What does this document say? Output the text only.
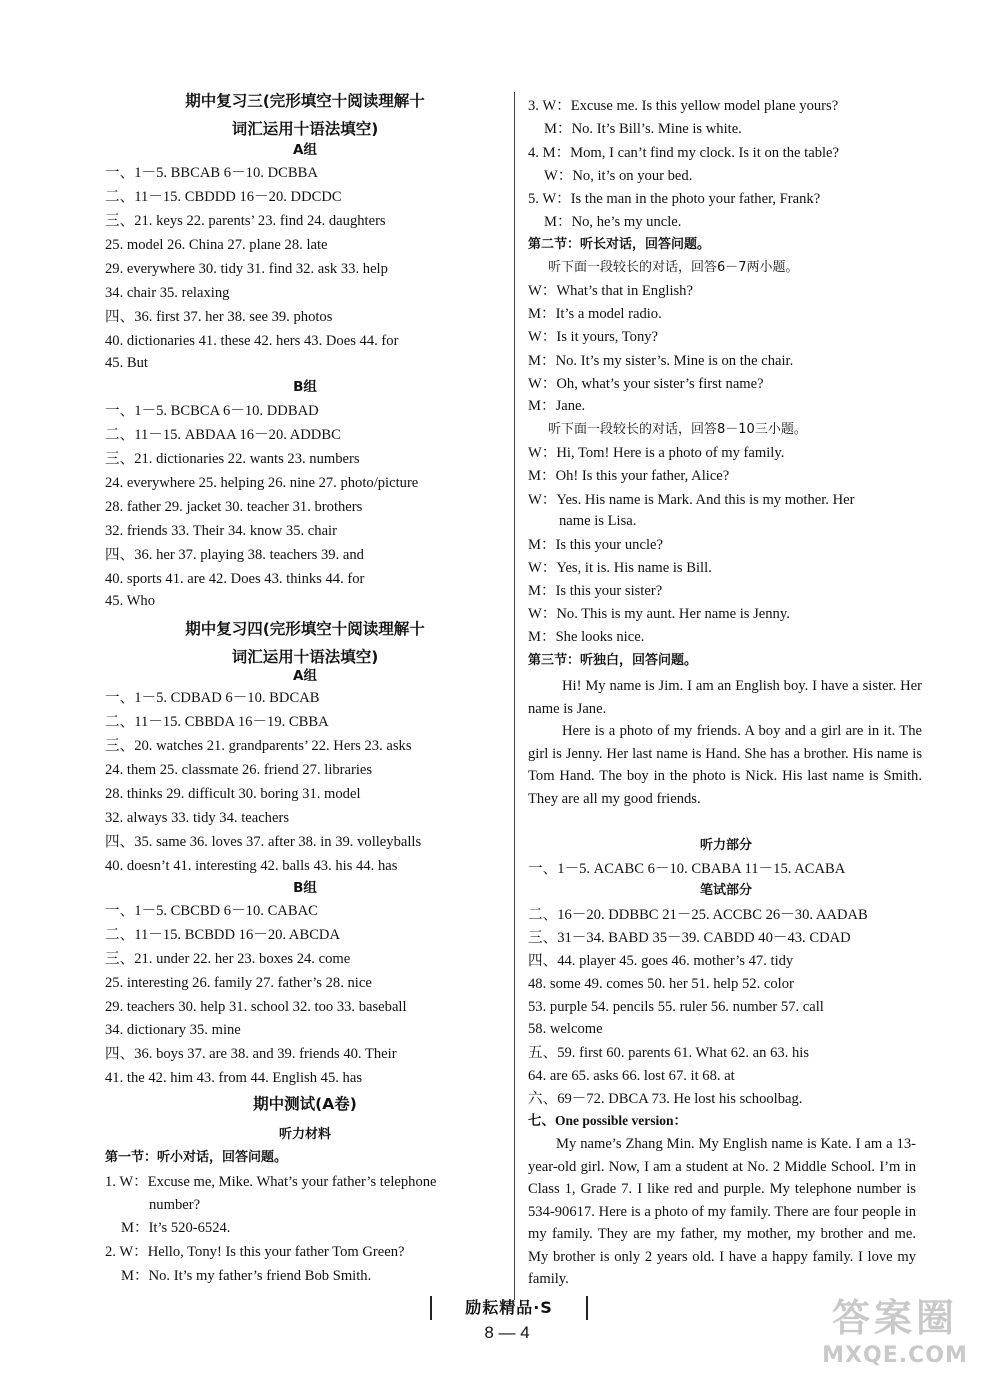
期中复习三(完形填空十阅读理解十
词汇运用十语法填空)
A组
一、1－5. BBCAB 6－10. DCBBA
二、11－15. CBDDD 16－20. DDCDC
三、21. keys 22. parents’ 23. find 24. daughters
25. model 26. China 27. plane 28. late
29. everywhere 30. tidy 31. find 32. ask 33. help
34. chair 35. relaxing
四、36. first 37. her 38. see 39. photos
40. dictionaries 41. these 42. hers 43. Does 44. for
45. But
B组
一、1－5. BCBCA 6－10. DDBAD
二、11－15. ABDAA 16－20. ADDBC
三、21. dictionaries 22. wants 23. numbers
24. everywhere 25. helping 26. nine 27. photo/picture
28. father 29. jacket 30. teacher 31. brothers
32. friends 33. Their 34. know 35. chair
四、36. her 37. playing 38. teachers 39. and
40. sports 41. are 42. Does 43. thinks 44. for
45. Who
期中复习四(完形填空十阅读理解十
词汇运用十语法填空)
A组
一、1－5. CDBAD 6－10. BDCAB
二、11－15. CBBDA 16－19. CBBA
三、20. watches 21. grandparents’ 22. Hers 23. asks
24. them 25. classmate 26. friend 27. libraries
28. thinks 29. difficult 30. boring 31. model
32. always 33. tidy 34. teachers
四、35. same 36. loves 37. after 38. in 39. volleyballs
40. doesn’t 41. interesting 42. balls 43. his 44. has
B组
一、1－5. CBCBD 6－10. CABAC
二、11－15. BCBDD 16－20. ABCDA
三、21. under 22. her 23. boxes 24. come
25. interesting 26. family 27. father’s 28. nice
29. teachers 30. help 31. school 32. too 33. baseball
34. dictionary 35. mine
四、36. boys 37. are 38. and 39. friends 40. Their
41. the 42. him 43. from 44. English 45. has
期中测试(A卷)
听力材料
第一节：听小对话，回答问题。
1. W：Excuse me, Mike. What’s your father’s telephone
number?
M：It’s 520-6524.
2. W：Hello, Tony! Is this your father Tom Green?
M：No. It’s my father’s friend Bob Smith.
3. W：Excuse me. Is this yellow model plane yours?
M：No. It’s Bill’s. Mine is white.
4. M：Mom, I can’t find my clock. Is it on the table?
W：No, it’s on your bed.
5. W：Is the man in the photo your father, Frank?
M：No, he’s my uncle.
第二节：听长对话，回答问题。
听下面一段较长的对话，回答6－7两小题。
W：What’s that in English?
M：It’s a model radio.
W：Is it yours, Tony?
M：No. It’s my sister’s. Mine is on the chair.
W：Oh, what’s your sister’s first name?
M：Jane.
听下面一段较长的对话，回答8－10三小题。
W：Hi, Tom! Here is a photo of my family.
M：Oh! Is this your father, Alice?
W：Yes. His name is Mark. And this is my mother. Her
name is Lisa.
M：Is this your uncle?
W：Yes, it is. His name is Bill.
M：Is this your sister?
W：No. This is my aunt. Her name is Jenny.
M：She looks nice.
第三节：听独白，回答问题。
Hi! My name is Jim. I am an English boy. I have a sister. Her name is Jane.
Here is a photo of my friends. A boy and a girl are in it. The girl is Jenny. Her last name is Hand. She has a brother. His name is Tom Hand. The boy in the photo is Nick. His last name is Smith. They are all my good friends.
听力部分
一、1－5. ACABC 6－10. CBABA 11－15. ACABA
笔试部分
二、16－20. DDBBC 21－25. ACCBC 26－30. AADAB
三、31－34. BABD 35－39. CABDD 40－43. CDAD
四、44. player 45. goes 46. mother’s 47. tidy
48. some 49. comes 50. her 51. help 52. color
53. purple 54. pencils 55. ruler 56. number 57. call
58. welcome
五、59. first 60. parents 61. What 62. an 63. his
64. are 65. asks 66. lost 67. it 68. at
六、69－72. DBCA 73. He lost his schoolbag.
七、One possible version：
My name’s Zhang Min. My English name is Kate. I am a 13-year-old girl. Now, I am a student at No. 2 Middle School. I’m in Class 1, Grade 7. I like red and purple. My telephone number is 534-90617. Here is a photo of my family. There are four people in my family. They are my father, my mother, my brother and me. My brother is only 2 years old. I have a happy family. I love my family.
励耘精品·S
8 — 4	答案圈
MXQE.COM
